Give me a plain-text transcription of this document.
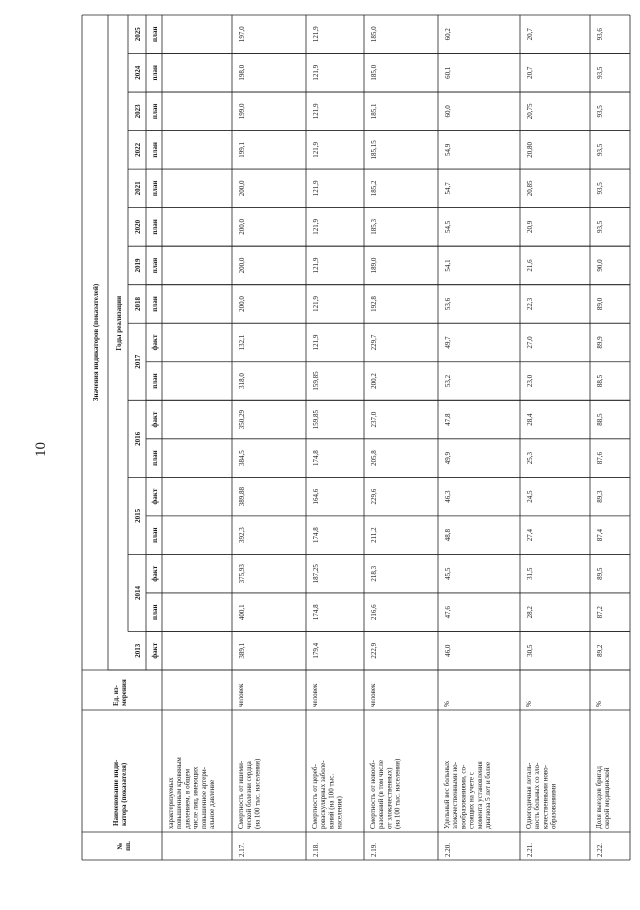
10
№пп.
Наименование инди-катора (показателя)
Ед. из-мерения
Значения индикаторов (показателей) Годы реализации
2013
2014
2015
2016
2017
2018
2019
2020
2021
2022
2023
2024
2025
факт
план
факт
план
факт
план
факт
план
факт
план
план
план
план
план
план
план
план
характеризуемыхповышенным кровянымдавлением, в общемчисле лиц, имеющихповышенное артери-альное давление
2.17.
Смертность от ишеми-ческой болезни сердца(на 100 тыс. населения)
человек
389,1
400,1
375,93
392,3
389,88
384,5
350,29
318,0
132,1
200,0
200,0
200,0
200,0
199,1
199,0
198,0
197,0
2.18.
Смертность от цереб-роваскулярных заболе-ваний (на 100 тыс.населения)
человек
179,4
174,8
187,25
174,8
164,6
174,8
159,85
159,85
121,9
121,9
121,9
121,9
121,9
121,9
121,9
121,9
121,9
2.19.
Смертность от новооб-разований (в том числеот злокачественных)(на 100 тыс. населения)
человек
222,9
216,6
218,3
211,2
229,6
205,8
237,0
200,2
229,7
192,8
189,0
185,3
185,2
185,15
185,1
185,0
185,0
2.20.
Удельный вес больныхзлокачественными но-вообразованиями, со-стоящих на учете смомента установлениядиагноза 5 лет и более
%
46,0
47,6
45,5
48,8
46,3
49,9
47,8
53,2
49,7
53,6
54,1
54,5
54,7
54,9
60,0
60,1
60,2
2.21.
Одногодичная леталь-ность больных со зло-качественными ново-образованиями
%
30,5
28,2
31,5
27,4
24,5
25,3
28,4
23,0
27,0
22,3
21,6
20,9
20,85
20,80
20,75
20,7
20,7
2.22.
Доля выездов бригадскорой медицинской
%
89,2
87,2
89,5
87,4
89,3
87,6
88,5
88,5
89,9
89,0
90,0
93,5
93,5
93,5
93,5
93,5
93,6
